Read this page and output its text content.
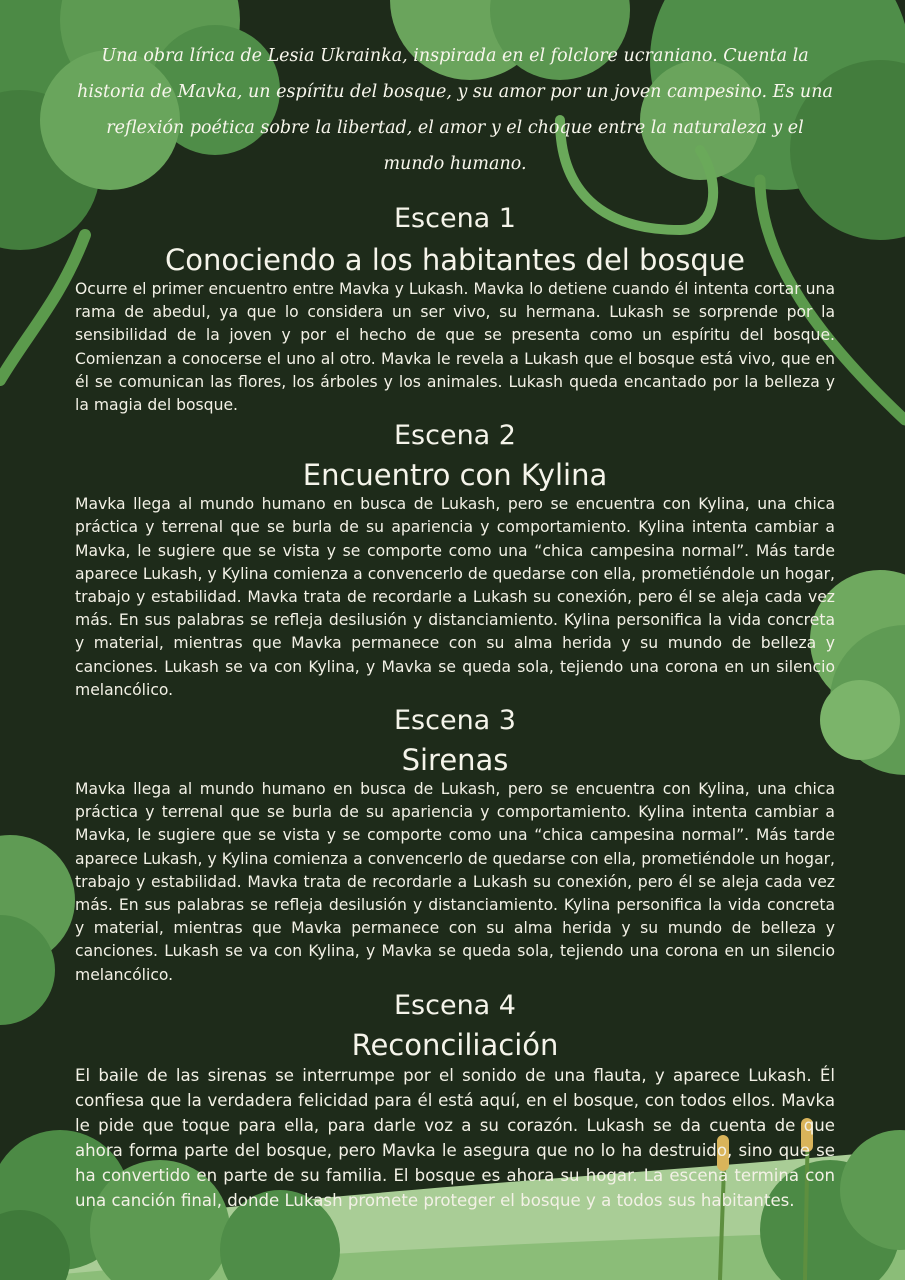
Una obra lírica de Lesia Ukrainka, inspirada en el folclore ucraniano. Cuenta la historia de Mavka, un espíritu del bosque, y su amor por un joven campesino. Es una reflexión poética sobre la libertad, el amor y el choque entre la naturaleza y el mundo humano.

Escena 1
Conociendo a los habitantes del bosque
Ocurre el primer encuentro entre Mavka y Lukash. Mavka lo detiene cuando él intenta cortar una rama de abedul, ya que lo considera un ser vivo, su hermana. Lukash se sorprende por la sensibilidad de la joven y por el hecho de que se presenta como un espíritu del bosque. Comienzan a conocerse el uno al otro. Mavka le revela a Lukash que el bosque está vivo, que en él se comunican las flores, los árboles y los animales. Lukash queda encantado por la belleza y la magia del bosque.
Escena 2
Encuentro con Kylina
Mavka llega al mundo humano en busca de Lukash, pero se encuentra con Kylina, una chica práctica y terrenal que se burla de su apariencia y comportamiento. Kylina intenta cambiar a Mavka, le sugiere que se vista y se comporte como una “chica campesina normal”. Más tarde aparece Lukash, y Kylina comienza a convencerlo de quedarse con ella, prometiéndole un hogar, trabajo y estabilidad. Mavka trata de recordarle a Lukash su conexión, pero él se aleja cada vez más. En sus palabras se refleja desilusión y distanciamiento. Kylina personifica la vida concreta y material, mientras que Mavka permanece con su alma herida y su mundo de belleza y canciones. Lukash se va con Kylina, y Mavka se queda sola, tejiendo una corona en un silencio melancólico.
Escena 3
Sirenas
Mavka llega al mundo humano en busca de Lukash, pero se encuentra con Kylina, una chica práctica y terrenal que se burla de su apariencia y comportamiento. Kylina intenta cambiar a Mavka, le sugiere que se vista y se comporte como una “chica campesina normal”. Más tarde aparece Lukash, y Kylina comienza a convencerlo de quedarse con ella, prometiéndole un hogar, trabajo y estabilidad. Mavka trata de recordarle a Lukash su conexión, pero él se aleja cada vez más. En sus palabras se refleja desilusión y distanciamiento. Kylina personifica la vida concreta y material, mientras que Mavka permanece con su alma herida y su mundo de belleza y canciones. Lukash se va con Kylina, y Mavka se queda sola, tejiendo una corona en un silencio melancólico.
Escena 4
Reconciliación
El baile de las sirenas se interrumpe por el sonido de una flauta, y aparece Lukash. Él confiesa que la verdadera felicidad para él está aquí, en el bosque, con todos ellos. Mavka le pide que toque para ella, para darle voz a su corazón. Lukash se da cuenta de que ahora forma parte del bosque, pero Mavka le asegura que no lo ha destruido, sino que se ha convertido en parte de su familia. El bosque es ahora su hogar. La escena termina con una canción final, donde Lukash promete proteger el bosque y a todos sus habitantes.
